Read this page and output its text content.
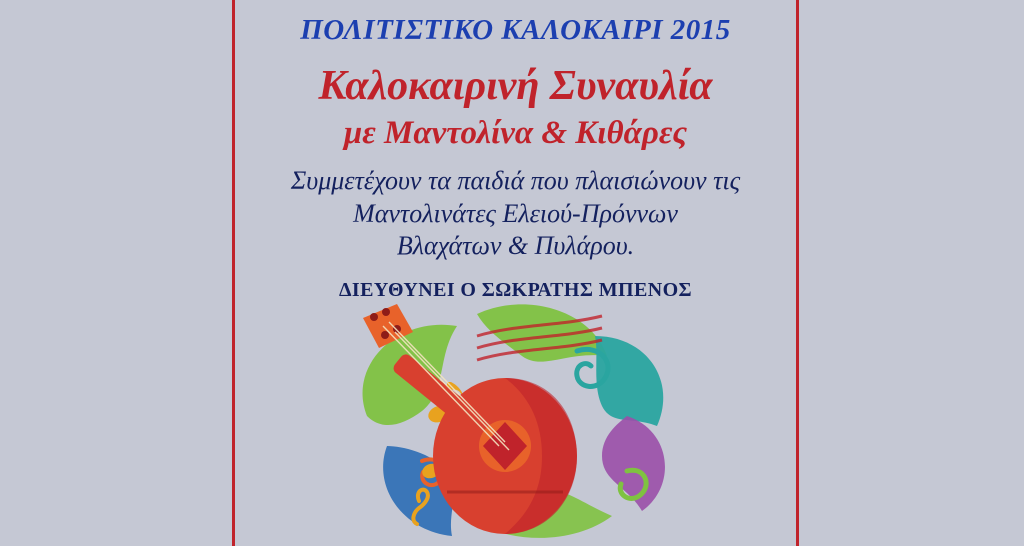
ΠΟΛΙΤΙΣΤΙΚΟ ΚΑΛΟΚΑΙΡΙ 2015
Καλοκαιρινή Συναυλία
με Μαντολίνα & Κιθάρες
Συμμετέχουν τα παιδιά που πλαισιώνουν τις
Μαντολινάτες Ελειού-Πρόννων
Βλαχάτων & Πυλάρου.
ΔΙΕΥΘΥΝΕΙ Ο ΣΩΚΡΑΤΗΣ ΜΠΕΝΟΣ
